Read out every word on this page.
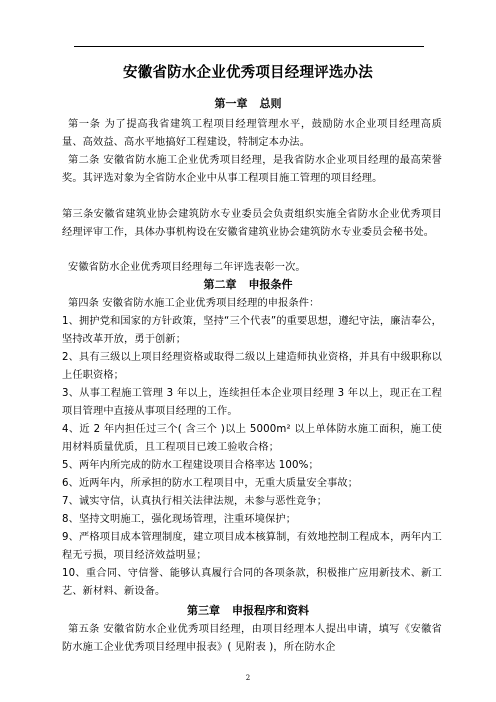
安徽省防水企业优秀项目经理评选办法
第一章 总则
第一条 为了提高我省建筑工程项目经理管理水平，鼓励防水企业项目经理高质量、高效益、高水平地搞好工程建设，特制定本办法。
第二条 安徽省防水施工企业优秀项目经理，是我省防水企业项目经理的最高荣誉奖。其评选对象为全省防水企业中从事工程项目施工管理的项目经理。
第三条安徽省建筑业协会建筑防水专业委员会负责组织实施全省防水企业优秀项目经理评审工作，具体办事机构设在安徽省建筑业协会建筑防水专业委员会秘书处。
安徽省防水企业优秀项目经理每二年评选表彰一次。
第二章 申报条件
第四条 安徽省防水施工企业优秀项目经理的申报条件：
1、拥护党和国家的方针政策，坚持“三个代表”的重要思想，遵纪守法，廉洁奉公，坚持改革开放，勇于创新；
2、具有三级以上项目经理资格或取得二级以上建造师执业资格，并具有中级职称以上任职资格；
3、从事工程施工管理 3 年以上，连续担任本企业项目经理 3 年以上，现正在工程项目管理中直接从事项目经理的工作。
4、近 2 年内担任过三个( 含三个 )以上 5000m² 以上单体防水施工面积，施工使用材料质量优质，且工程项目已竣工验收合格；
5、两年内所完成的防水工程建设项目合格率达 100%；
6、近两年内，所承担的防水工程项目中，无重大质量安全事故；
7、诚实守信，认真执行相关法律法规，未参与恶性竞争；
8、坚持文明施工，强化现场管理，注重环境保护；
9、严格项目成本管理制度，建立项目成本核算制，有效地控制工程成本，两年内工程无亏损，项目经济效益明显；
10、重合同、守信誉、能够认真履行合同的各项条款，积极推广应用新技术、新工艺、新材料、新设备。
第三章 申报程序和资料
第五条 安徽省防水企业优秀项目经理，由项目经理本人提出申请，填写《安徽省防水施工企业优秀项目经理申报表》( 见附表 )，所在防水企
2
